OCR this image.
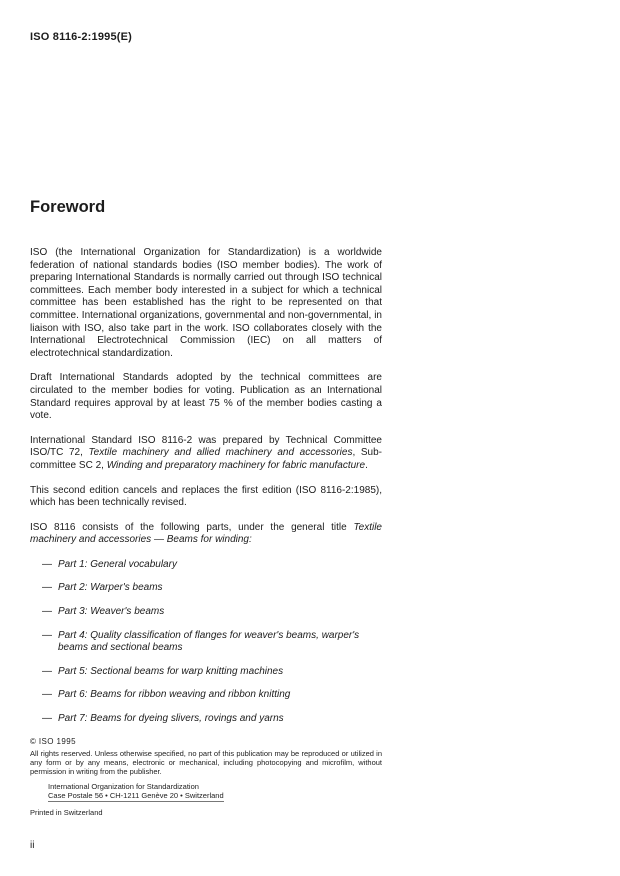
ISO 8116-2:1995(E)
Foreword

ISO (the International Organization for Standardization) is a worldwide federation of national standards bodies (ISO member bodies). The work of preparing International Standards is normally carried out through ISO technical committees. Each member body interested in a subject for which a technical committee has been established has the right to be represented on that committee. International organizations, governmental and non-governmental, in liaison with ISO, also take part in the work. ISO collaborates closely with the International Electrotechnical Commission (IEC) on all matters of electrotechnical standardization.

Draft International Standards adopted by the technical committees are circulated to the member bodies for voting. Publication as an International Standard requires approval by at least 75 % of the member bodies casting a vote.

International Standard ISO 8116-2 was prepared by Technical Committee ISO/TC 72, Textile machinery and allied machinery and accessories, Sub-committee SC 2, Winding and preparatory machinery for fabric manufacture.

This second edition cancels and replaces the first edition (ISO 8116-2:1985), which has been technically revised.

ISO 8116 consists of the following parts, under the general title Textile machinery and accessories — Beams for winding:

— Part 1: General vocabulary
— Part 2: Warper's beams
— Part 3: Weaver's beams
— Part 4: Quality classification of flanges for weaver's beams, warper's beams and sectional beams
— Part 5: Sectional beams for warp knitting machines
— Part 6: Beams for ribbon weaving and ribbon knitting
— Part 7: Beams for dyeing slivers, rovings and yarns
© ISO 1995
All rights reserved. Unless otherwise specified, no part of this publication may be reproduced or utilized in any form or by any means, electronic or mechanical, including photocopying and microfilm, without permission in writing from the publisher.
International Organization for Standardization
Case Postale 56 • CH-1211 Genève 20 • Switzerland
Printed in Switzerland
ii
